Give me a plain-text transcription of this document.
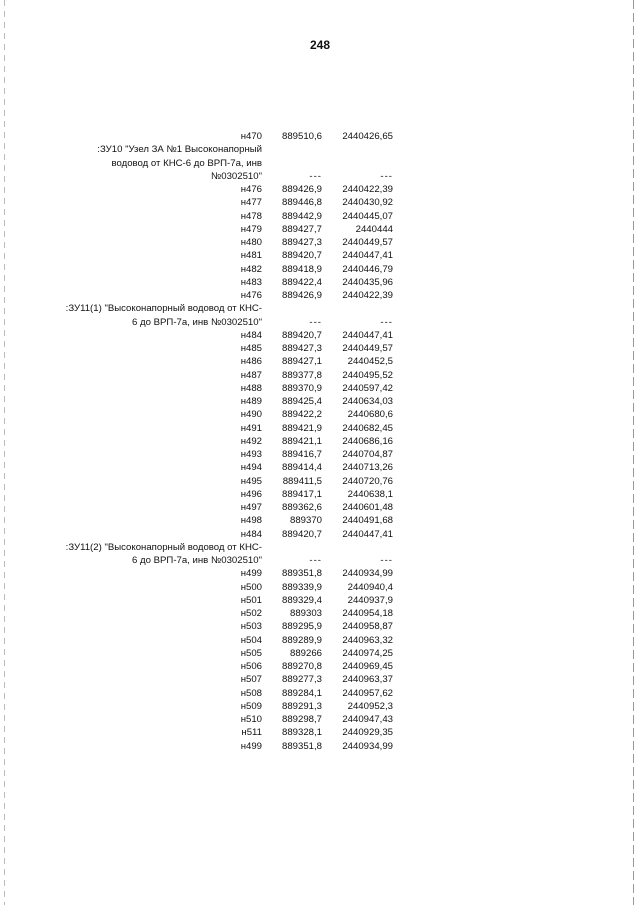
248
н470	889510,6	2440426,65
:ЗУ10 "Узел ЗА №1 Высоконапорный
водовод от КНС-6 до ВРП-7а, инв
№0302510"	---	---
н476	889426,9	2440422,39
н477	889446,8	2440430,92
н478	889442,9	2440445,07
н479	889427,7	2440444
н480	889427,3	2440449,57
н481	889420,7	2440447,41
н482	889418,9	2440446,79
н483	889422,4	2440435,96
н476	889426,9	2440422,39
:ЗУ11(1) "Высоконапорный водовод от КНС-
6 до ВРП-7а, инв №0302510"	---	---
н484	889420,7	2440447,41
н485	889427,3	2440449,57
н486	889427,1	2440452,5
н487	889377,8	2440495,52
н488	889370,9	2440597,42
н489	889425,4	2440634,03
н490	889422,2	2440680,6
н491	889421,9	2440682,45
н492	889421,1	2440686,16
н493	889416,7	2440704,87
н494	889414,4	2440713,26
н495	889411,5	2440720,76
н496	889417,1	2440638,1
н497	889362,6	2440601,48
н498	889370	2440491,68
н484	889420,7	2440447,41
:ЗУ11(2) "Высоконапорный водовод от КНС-
6 до ВРП-7а, инв №0302510"	---	---
н499	889351,8	2440934,99
н500	889339,9	2440940,4
н501	889329,4	2440937,9
н502	889303	2440954,18
н503	889295,9	2440958,87
н504	889289,9	2440963,32
н505	889266	2440974,25
н506	889270,8	2440969,45
н507	889277,3	2440963,37
н508	889284,1	2440957,62
н509	889291,3	2440952,3
н510	889298,7	2440947,43
н511	889328,1	2440929,35
н499	889351,8	2440934,99
